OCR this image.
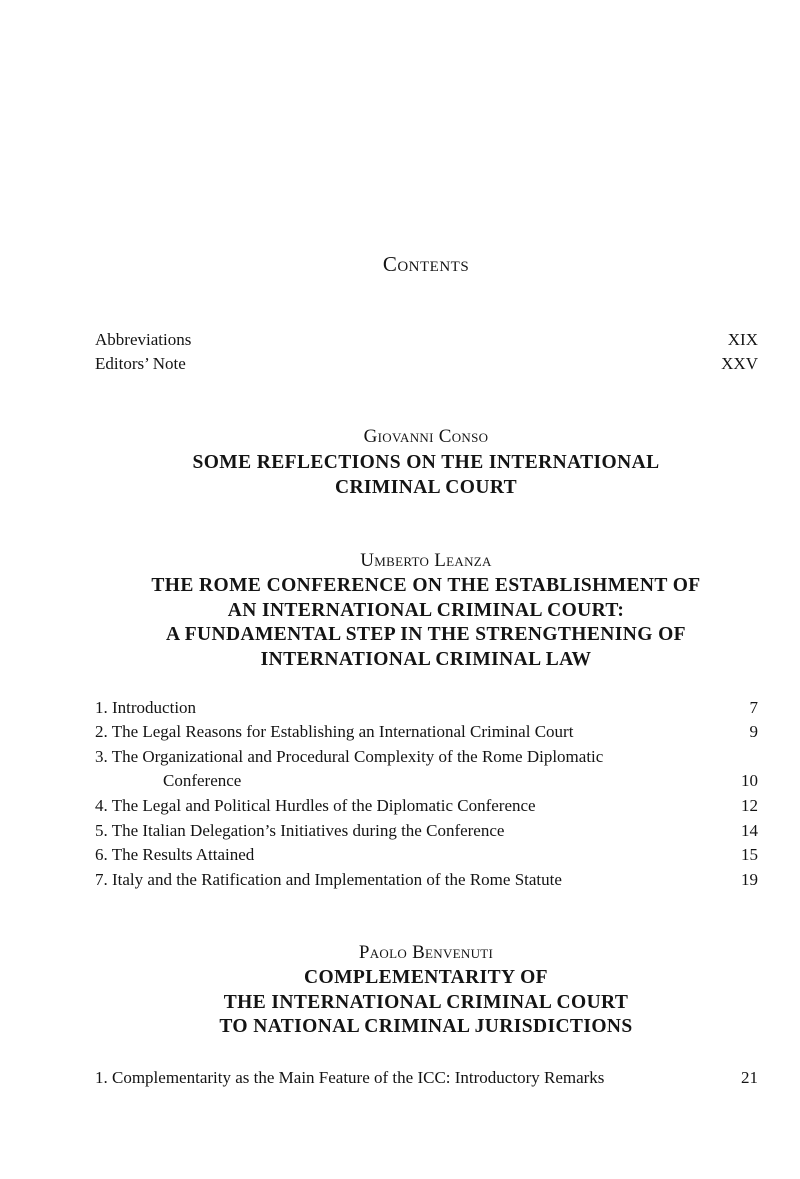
Contents
Abbreviations	XIX
Editors’ Note	XXV
Giovanni Conso
SOME REFLECTIONS ON THE INTERNATIONAL
CRIMINAL COURT
Umberto Leanza
THE ROME CONFERENCE ON THE ESTABLISHMENT OF
AN INTERNATIONAL CRIMINAL COURT:
A FUNDAMENTAL STEP IN THE STRENGTHENING OF
INTERNATIONAL CRIMINAL LAW
1. Introduction	7
2. The Legal Reasons for Establishing an International Criminal Court	9
3. The Organizational and Procedural Complexity of the Rome Diplomatic
Conference	10
4. The Legal and Political Hurdles of the Diplomatic Conference	12
5. The Italian Delegation’s Initiatives during the Conference	14
6. The Results Attained	15
7. Italy and the Ratification and Implementation of the Rome Statute	19
Paolo Benvenuti
COMPLEMENTARITY OF
THE INTERNATIONAL CRIMINAL COURT
TO NATIONAL CRIMINAL JURISDICTIONS
1. Complementarity as the Main Feature of the ICC: Introductory Remarks	21
